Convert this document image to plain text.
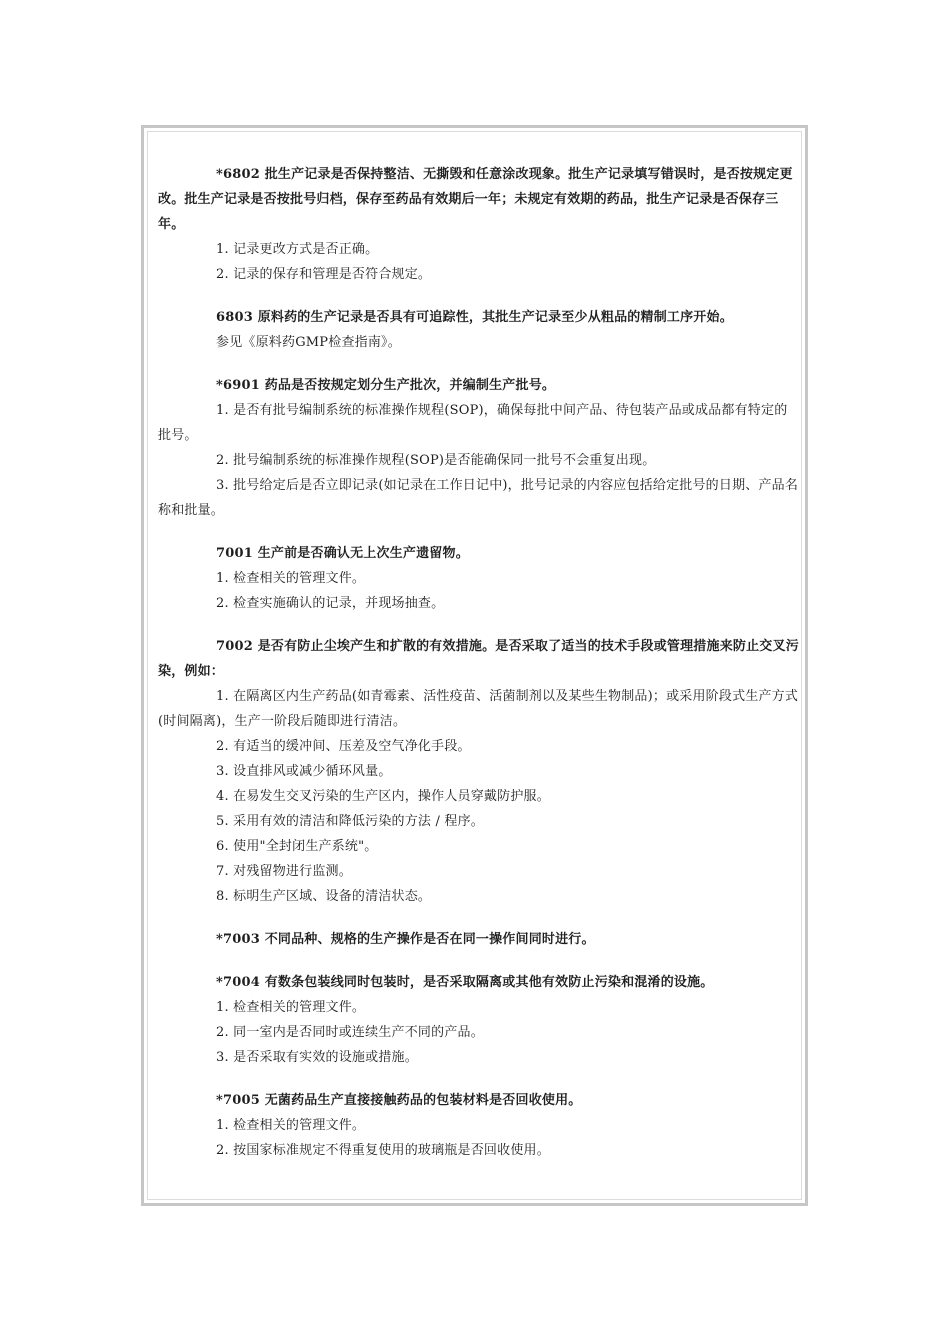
*6802 批生产记录是否保持整洁、无撕毁和任意涂改现象。批生产记录填写错误时，是否按规定更改。批生产记录是否按批号归档，保存至药品有效期后一年；未规定有效期的药品，批生产记录是否保存三年。

1. 记录更改方式是否正确。

2. 记录的保存和管理是否符合规定。

6803 原料药的生产记录是否具有可追踪性，其批生产记录至少从粗品的精制工序开始。

参见《原料药GMP检查指南》。

*6901 药品是否按规定划分生产批次，并编制生产批号。

1. 是否有批号编制系统的标准操作规程(SOP)，确保每批中间产品、待包装产品或成品都有特定的批号。

2. 批号编制系统的标准操作规程(SOP)是否能确保同一批号不会重复出现。

3. 批号给定后是否立即记录(如记录在工作日记中)，批号记录的内容应包括给定批号的日期、产品名称和批量。

7001 生产前是否确认无上次生产遗留物。

1. 检查相关的管理文件。

2. 检查实施确认的记录，并现场抽查。

7002 是否有防止尘埃产生和扩散的有效措施。是否采取了适当的技术手段或管理措施来防止交叉污染，例如：

1. 在隔离区内生产药品(如青霉素、活性疫苗、活菌制剂以及某些生物制品)；或采用阶段式生产方式(时间隔离)，生产一阶段后随即进行清洁。

2. 有适当的缓冲间、压差及空气净化手段。

3. 设直排风或减少循环风量。

4. 在易发生交叉污染的生产区内，操作人员穿戴防护服。

5. 采用有效的清洁和降低污染的方法 / 程序。

6. 使用"全封闭生产系统"。

7. 对残留物进行监测。

8. 标明生产区域、设备的清洁状态。

*7003 不同品种、规格的生产操作是否在同一操作间同时进行。

*7004 有数条包装线同时包装时，是否采取隔离或其他有效防止污染和混淆的设施。

1. 检查相关的管理文件。

2. 同一室内是否同时或连续生产不同的产品。

3. 是否采取有实效的设施或措施。

*7005 无菌药品生产直接接触药品的包装材料是否回收使用。

1. 检查相关的管理文件。

2. 按国家标准规定不得重复使用的玻璃瓶是否回收使用。
